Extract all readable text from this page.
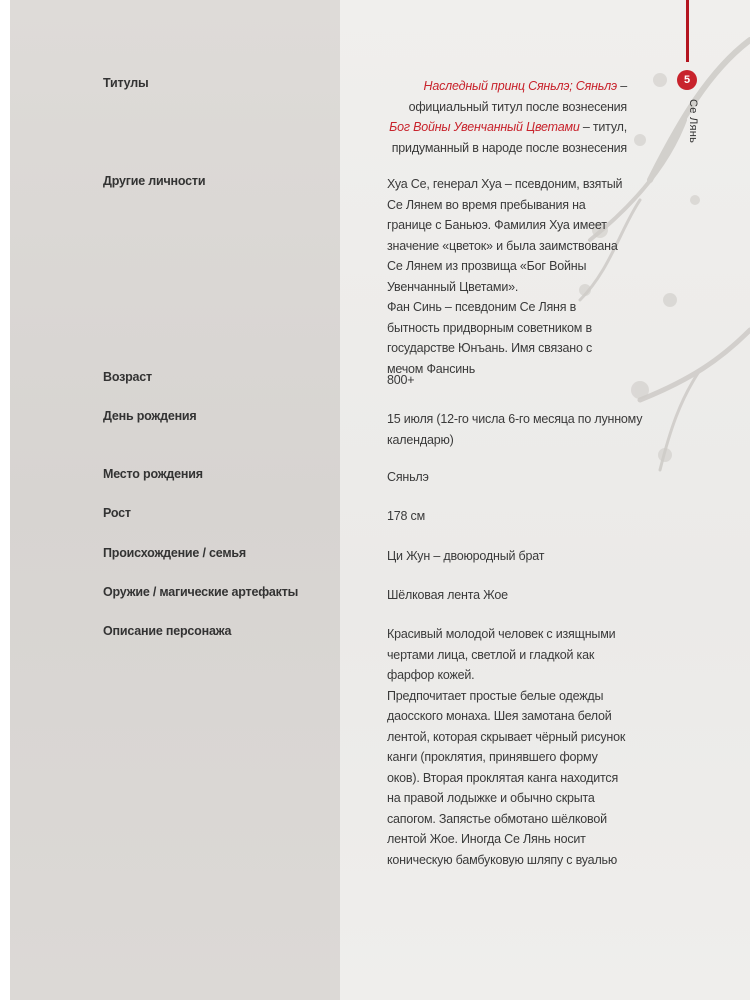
5
Се Лянь
Титулы	Наследный принц Сяньлэ; Сяньлэ – официальный титул после вознесения Бог Войны Увенчанный Цветами – титул, придуманный в народе после вознесения
Другие личности	Хуа Се, генерал Хуа – псевдоним, взятый Се Лянем во время пребывания на границе с Баньюэ. Фамилия Хуа имеет значение «цветок» и была заимствована Се Лянем из прозвища «Бог Войны Увенчанный Цветами».

Фан Синь – псевдоним Се Ляня в бытность придворным советником в государстве Юнъань. Имя связано с мечом Фансинь

Возраст	800+
День рождения	15 июля (12-го числа 6-го месяца по лунному календарю)
Место рождения	Сяньлэ
Рост	178 см
Происхождение / семья	Ци Жун – двоюродный брат
Оружие / магические артефакты	Шёлковая лента Жое
Описание персонажа	Красивый молодой человек с изящными чертами лица, светлой и гладкой как фарфор кожей.

Предпочитает простые белые одежды даосского монаха. Шея замотана белой лентой, которая скрывает чёрный рисунок канги (проклятия, принявшего форму оков). Вторая проклятая канга находится на правой лодыжке и обычно скрыта сапогом. Запястье обмотано шёлковой лентой Жое. Иногда Се Лянь носит коническую бамбуковую шляпу с вуалью
